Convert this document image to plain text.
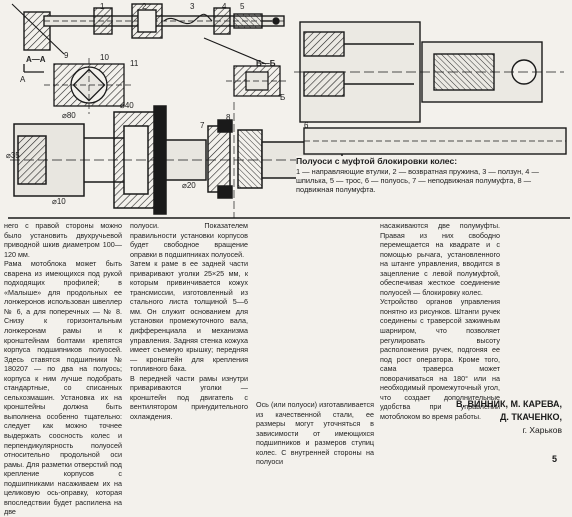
1	2	3	4 5
6
7
8
9	10
11
А—А	Б—Б
А
Б
⌀80
⌀40
⌀35
⌀20
⌀10
Полуоси с муфтой блокировки колес:
1 — направляющие втулки, 2 — возвратная пружина, 3 — ползун, 4 — шпилька, 5 — трос, 6 — полуось, 7 — неподвижная полумуфта, 8 — подвижная полумуфта.

него с правой стороны можно было установить двухручьевой приводной шкив диаметром 100—120 мм.
Рама мотоблока может быть сварена из имеющихся под рукой подходящих профилей; в «Малыше» для продольных ее лонжеронов использован швеллер № 6, а для поперечных — № 8. Снизу к горизонтальным лонжеронам рамы и к кронштейнам болтами крепятся корпуса подшипников полуосей. Здесь ставятся подшипники № 180207 — по два на полуось; корпуса к ним лучше подобрать стандартные, со списанных сельхозмашин. Установка их на кронштейны должна быть выполнена особенно тщательно: следует как можно точнее выдержать соосность колес и перпендикулярность полуосей относительно продольной оси рамы. Для разметки отверстий под крепление корпусов с подшипниками насаживаем их на целиковую ось-оправку, которая впоследствии будет распилена на две

полуоси. Показателем правильности установки корпусов будет свободное вращение оправки в подшипниках полуосей.
Затем к раме в ее задней части приваривают уголки 25×25 мм, к которым привинчивается кожух трансмиссии, изготовленный из стального листа толщиной 5—6 мм. Он служит основанием для установки промежуточного вала, дифференциала и механизма управления. Задняя стенка кожуха имеет съемную крышку; передняя — кронштейн для крепления топливного бака.
В передней части рамы изнутри привариваются уголки — кронштейн под двигатель с вентилятором принудительного охлаждения.

Ось (или полуоси) изготавливается из качественной стали, ее размеры могут уточняться в зависимости от имеющихся подшипников и размеров ступиц колес. С внутренней стороны на полуоси

насаживаются две полумуфты. Правая из них свободно перемещается на квадрате и с помощью рычага, установленного на штанге управления, вводится в зацепление с левой полумуфтой, обеспечивая жесткое соединение полуосей — блокировку колес.
Устройство органов управления понятно из рисунков. Штанги ручек соединены с траверсой зажимным шарниром, что позволяет регулировать высоту расположения ручек, подгоняя ее под рост оператора. Кроме того, сама траверса может поворачиваться на 180° или на необходимый промежуточный угол, что создает дополнительные удобства при управлении мотоблоком во время работы.

В. ВИННИК, М. КАРЕВА,
Д. ТКАЧЕНКО,
г. Харьков
5
